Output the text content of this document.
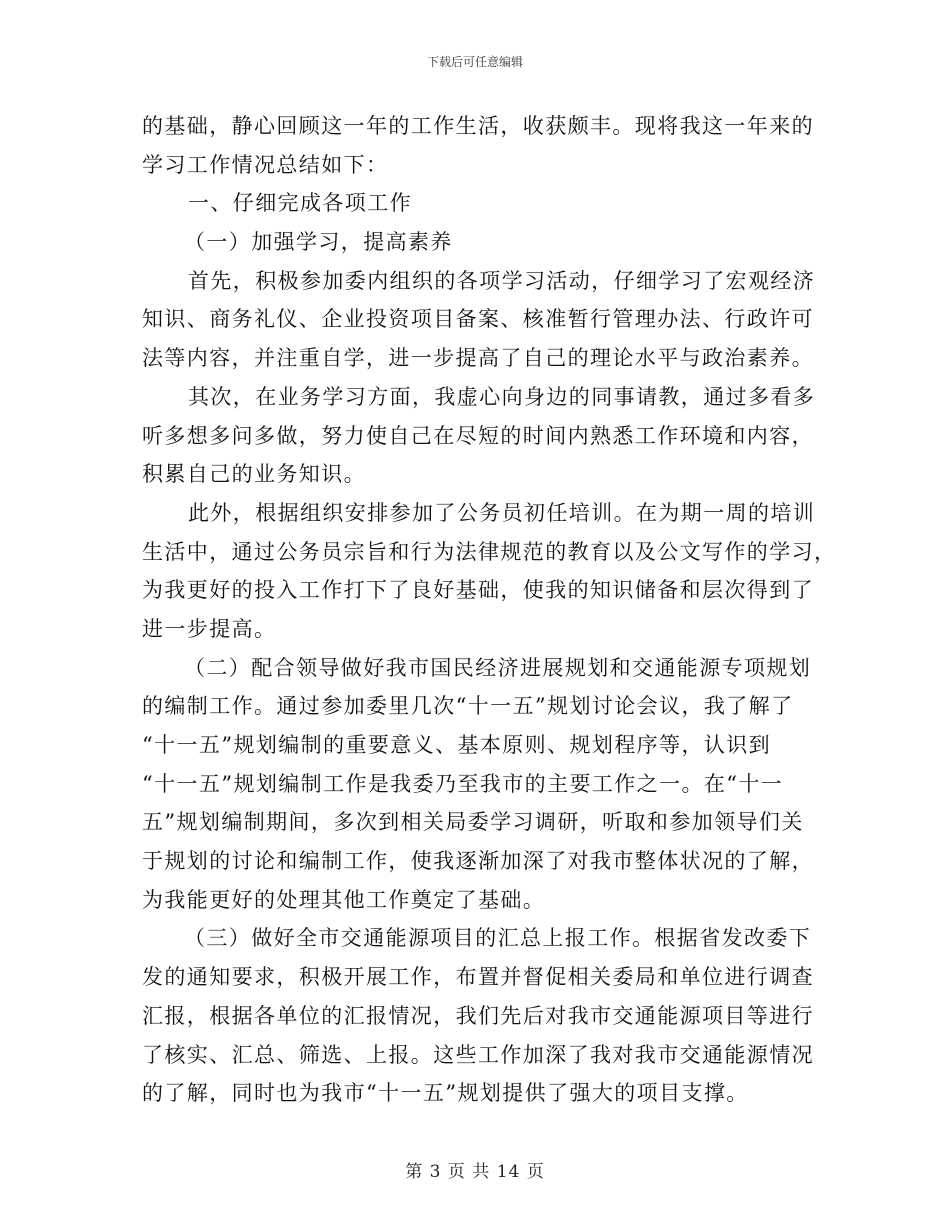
下载后可任意编辑
的基础，静心回顾这一年的工作生活，收获颇丰。现将我这一年来的
学习工作情况总结如下：
一、仔细完成各项工作
（一）加强学习，提高素养
首先，积极参加委内组织的各项学习活动，仔细学习了宏观经济
知识、商务礼仪、企业投资项目备案、核准暂行管理办法、行政许可
法等内容，并注重自学，进一步提高了自己的理论水平与政治素养。
其次，在业务学习方面，我虚心向身边的同事请教，通过多看多
听多想多问多做，努力使自己在尽短的时间内熟悉工作环境和内容，
积累自己的业务知识。
此外，根据组织安排参加了公务员初任培训。在为期一周的培训
生活中，通过公务员宗旨和行为法律规范的教育以及公文写作的学习，
为我更好的投入工作打下了良好基础，使我的知识储备和层次得到了
进一步提高。
（二）配合领导做好我市国民经济进展规划和交通能源专项规划
的编制工作。通过参加委里几次“十一五”规划讨论会议，我了解了
“十一五”规划编制的重要意义、基本原则、规划程序等，认识到
“十一五”规划编制工作是我委乃至我市的主要工作之一。在“十一
五”规划编制期间，多次到相关局委学习调研，听取和参加领导们关
于规划的讨论和编制工作，使我逐渐加深了对我市整体状况的了解，
为我能更好的处理其他工作奠定了基础。
（三）做好全市交通能源项目的汇总上报工作。根据省发改委下
发的通知要求，积极开展工作，布置并督促相关委局和单位进行调查
汇报，根据各单位的汇报情况，我们先后对我市交通能源项目等进行
了核实、汇总、筛选、上报。这些工作加深了我对我市交通能源情况
的了解，同时也为我市“十一五”规划提供了强大的项目支撑。
第 3 页 共 14 页
